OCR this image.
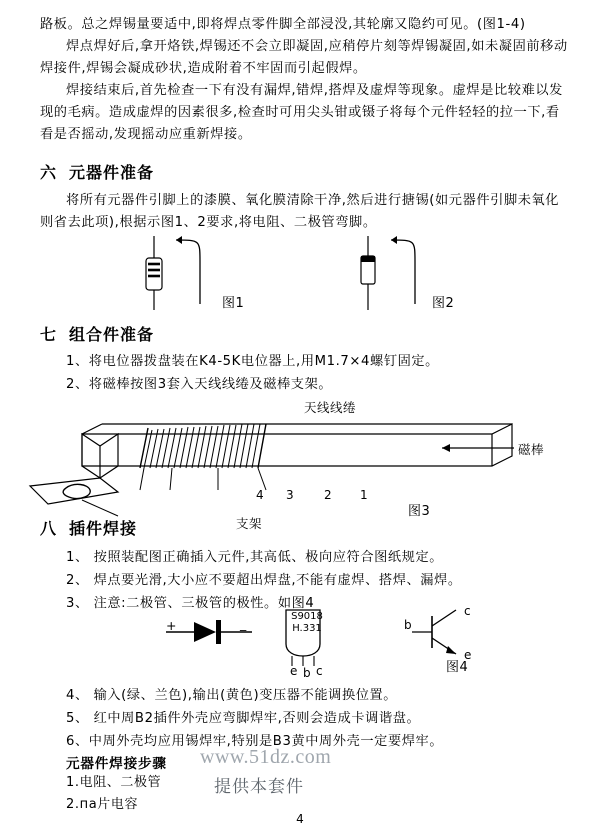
路板。总之焊锡量要适中,即将焊点零件脚全部浸没,其轮廓又隐约可见。(图1-4)

焊点焊好后,拿开烙铁,焊锡还不会立即凝固,应稍停片刻等焊锡凝固,如未凝固前移动焊接件,焊锡会凝成砂状,造成附着不牢固而引起假焊。

焊接结束后,首先检查一下有没有漏焊,错焊,搭焊及虚焊等现象。虚焊是比较难以发现的毛病。造成虚焊的因素很多,检查时可用尖头钳或镊子将每个元件轻轻的拉一下,看看是否摇动,发现摇动应重新焊接。

六 元器件准备
将所有元器件引脚上的漆膜、氧化膜清除干净,然后进行搪锡(如元器件引脚未氧化则省去此项),根据示图1、2要求,将电阻、二极管弯脚。
图1	图2
七 组合件准备
1、将电位器拨盘装在K4-5K电位器上,用M1.7×4螺钉固定。
2、将磁棒按图3套入天线线绻及磁棒支架。
天线线绻
磁棒
支架
4 3	2 1
图3
八 插件焊接
1、 按照装配图正确插入元件,其高低、极向应符合图纸规定。
2、 焊点要光滑,大小应不要超出焊盘,不能有虚焊、搭焊、漏焊。
3、 注意:二极管、三极管的极性。如图4
+	_	S9018
H.331
e b c
b
c
e
图4
4、 输入(绿、兰色),输出(黄色)变压器不能调换位置。
5、 红中周B2插件外壳应弯脚焊牢,否则会造成卡调谐盘。
6、中周外壳均应用锡焊牢,特别是B3黄中周外壳一定要焊牢。
元器件焊接步骤
1.电阻、二极管
2.па片电容
www.51dz.com
提供本套件
4
